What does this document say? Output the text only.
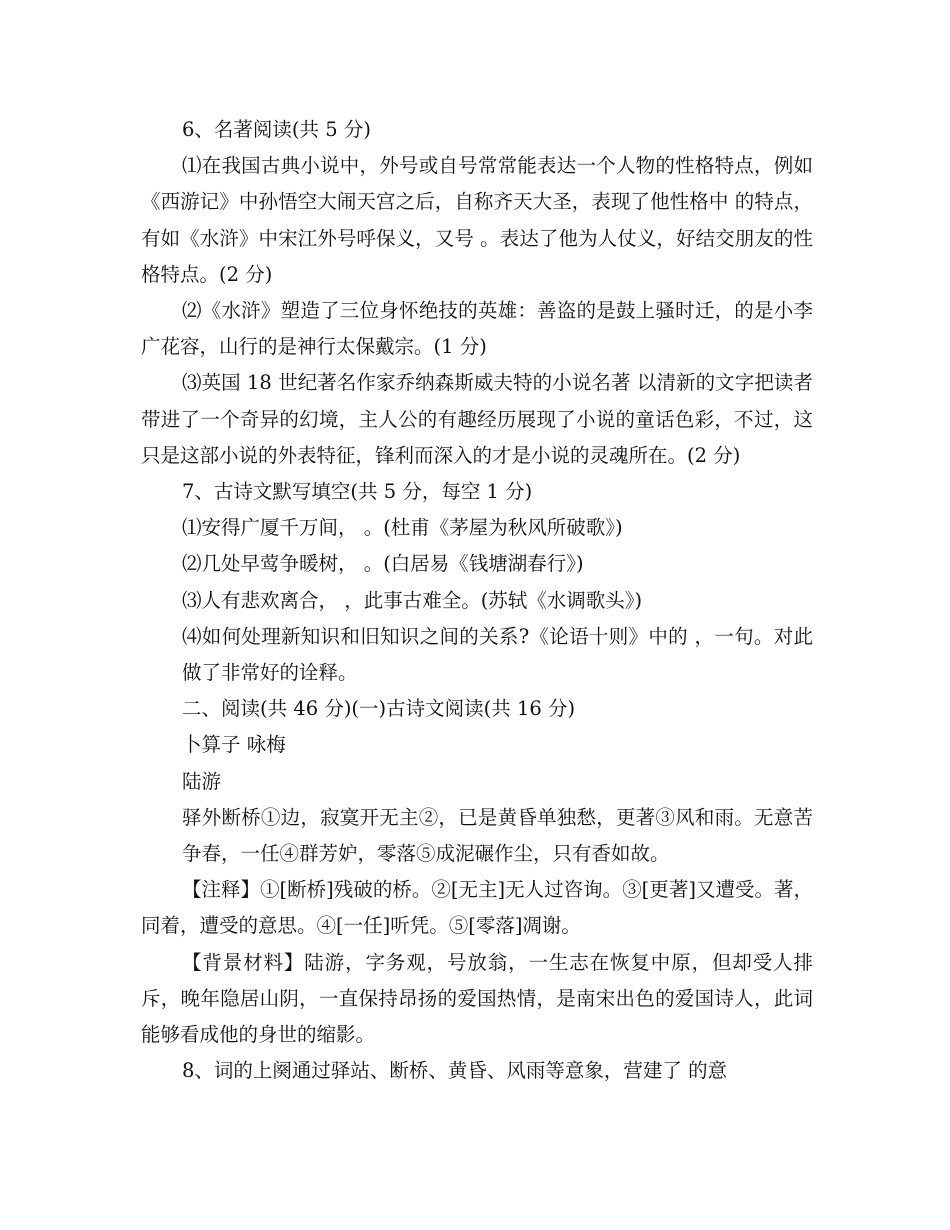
6、名著阅读(共 5 分)

⑴在我国古典小说中，外号或自号常常能表达一个人物的性格特点，例如《西游记》中孙悟空大闹天宫之后，自称齐天大圣，表现了他性格中 的特点，有如《水浒》中宋江外号呼保义，又号 。表达了他为人仗义，好结交朋友的性格特点。(2 分)

⑵《水浒》塑造了三位身怀绝技的英雄：善盗的是鼓上骚时迁，的是小李广花容，山行的是神行太保戴宗。(1 分)

⑶英国 18 世纪著名作家乔纳森斯威夫特的小说名著 以清新的文字把读者带进了一个奇异的幻境，主人公的有趣经历展现了小说的童话色彩，不过，这只是这部小说的外表特征，锋利而深入的才是小说的灵魂所在。(2 分)

7、古诗文默写填空(共 5 分，每空 1 分)

⑴安得广厦千万间， 。(杜甫《茅屋为秋风所破歌》)

⑵几处早莺争暖树， 。(白居易《钱塘湖春行》)

⑶人有悲欢离合， ，此事古难全。(苏轼《水调歌头》)

⑷如何处理新知识和旧知识之间的关系?《论语十则》中的 ，一句。对此做了非常好的诠释。

二、阅读(共 46 分)(一)古诗文阅读(共 16 分)

卜算子 咏梅

陆游

驿外断桥①边，寂寞开无主②，已是黄昏单独愁，更著③风和雨。无意苦争春，一任④群芳妒，零落⑤成泥碾作尘，只有香如故。

【注释】①[断桥]残破的桥。②[无主]无人过咨询。③[更著]又遭受。著，同着，遭受的意思。④[一任]听凭。⑤[零落]凋谢。

【背景材料】陆游，字务观，号放翁，一生志在恢复中原，但却受人排斥，晚年隐居山阴，一直保持昂扬的爱国热情，是南宋出色的爱国诗人，此词能够看成他的身世的缩影。

8、词的上阕通过驿站、断桥、黄昏、风雨等意象，营建了 的意
